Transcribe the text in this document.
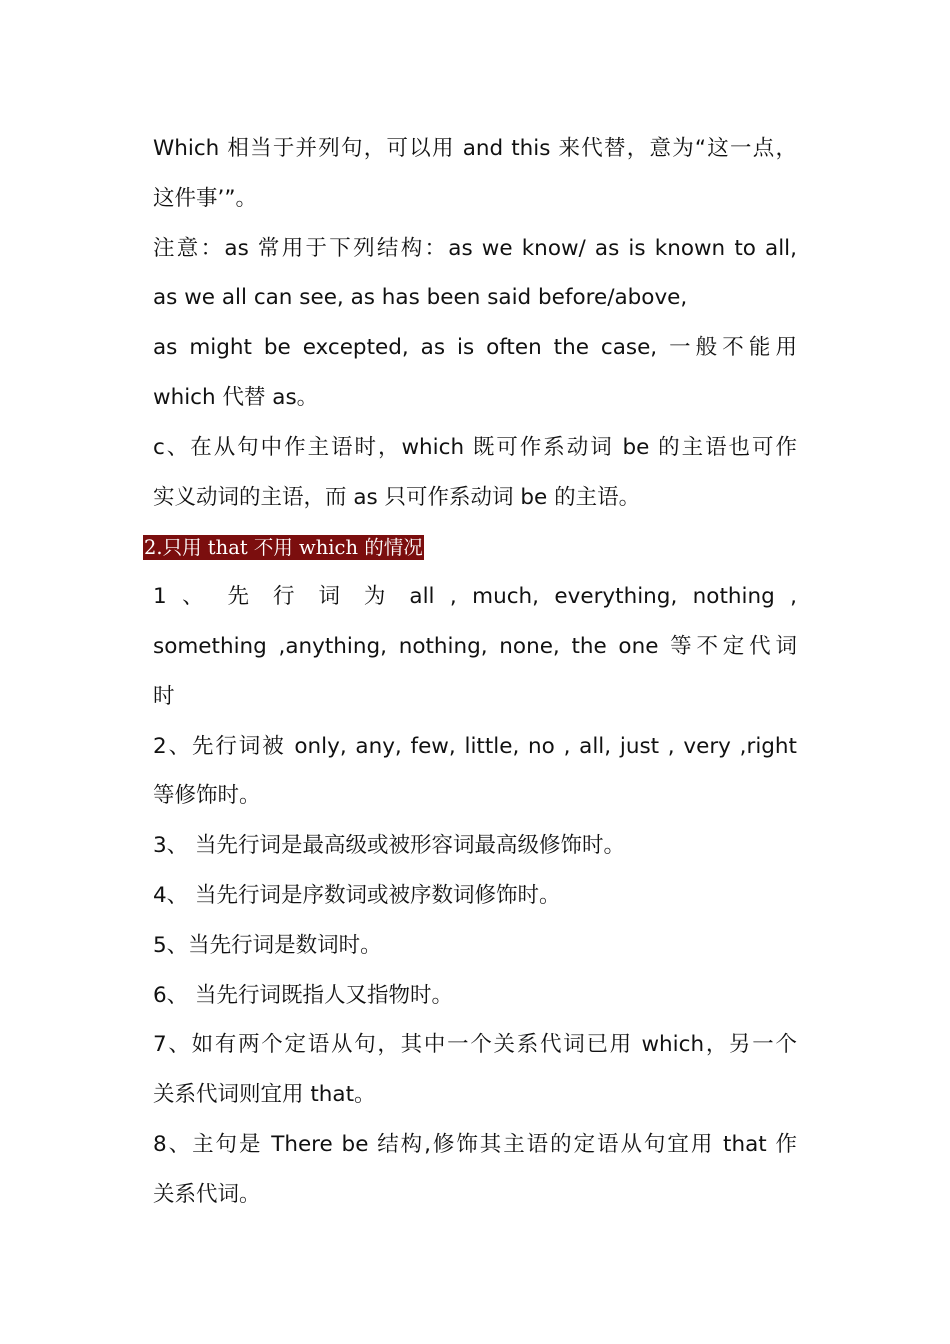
Which 相当于并列句，可以用 and this 来代替，意为“这一点，
这件事’”。
注意：as 常用于下列结构：as we know/ as is known to all,
as we all can see, as has been said before/above,
as might be excepted, as is often the case, 一般不能用
which 代替 as。
c、在从句中作主语时，which 既可作系动词 be 的主语也可作
实义动词的主语，而 as 只可作系动词 be 的主语。
2.只用 that 不用 which 的情况
1 、 先 行 词 为 all , much, everything, nothing ,
something ,anything, nothing, none, the one 等不定代词
时
2、先行词被 only, any, few, little, no , all, just , very ,right
等修饰时。
3、 当先行词是最高级或被形容词最高级修饰时。
4、 当先行词是序数词或被序数词修饰时。
5、当先行词是数词时。
6、 当先行词既指人又指物时。
7、如有两个定语从句，其中一个关系代词已用 which，另一个
关系代词则宜用 that。
8、主句是 There be 结构,修饰其主语的定语从句宜用 that 作
关系代词。
